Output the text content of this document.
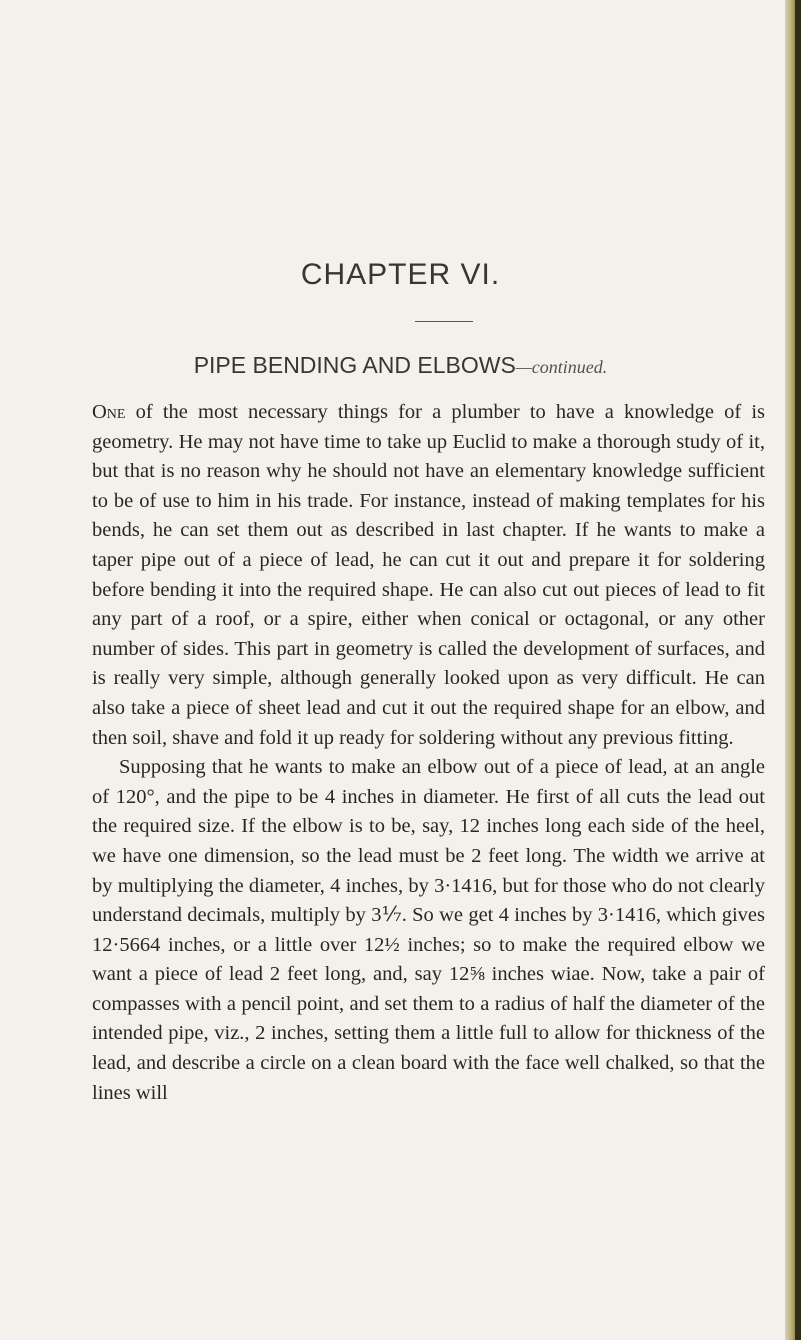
CHAPTER VI.
PIPE BENDING AND ELBOWS—continued.

One of the most necessary things for a plumber to have a knowledge of is geometry. He may not have time to take up Euclid to make a thorough study of it, but that is no reason why he should not have an elementary knowledge sufficient to be of use to him in his trade. For instance, instead of making templates for his bends, he can set them out as described in last chapter. If he wants to make a taper pipe out of a piece of lead, he can cut it out and prepare it for soldering before bending it into the required shape. He can also cut out pieces of lead to fit any part of a roof, or a spire, either when conical or octagonal, or any other number of sides. This part in geometry is called the development of surfaces, and is really very simple, although generally looked upon as very difficult. He can also take a piece of sheet lead and cut it out the required shape for an elbow, and then soil, shave and fold it up ready for soldering without any previous fitting.

Supposing that he wants to make an elbow out of a piece of lead, at an angle of 120°, and the pipe to be 4 inches in diameter. He first of all cuts the lead out the required size. If the elbow is to be, say, 12 inches long each side of the heel, we have one dimension, so the lead must be 2 feet long. The width we arrive at by multiplying the diameter, 4 inches, by 3·1416, but for those who do not clearly understand decimals, multiply by 3⅐. So we get 4 inches by 3·1416, which gives 12·5664 inches, or a little over 12½ inches; so to make the required elbow we want a piece of lead 2 feet long, and, say 12⅝ inches wiae. Now, take a pair of compasses with a pencil point, and set them to a radius of half the diameter of the intended pipe, viz., 2 inches, setting them a little full to allow for thickness of the lead, and describe a circle on a clean board with the face well chalked, so that the lines will
